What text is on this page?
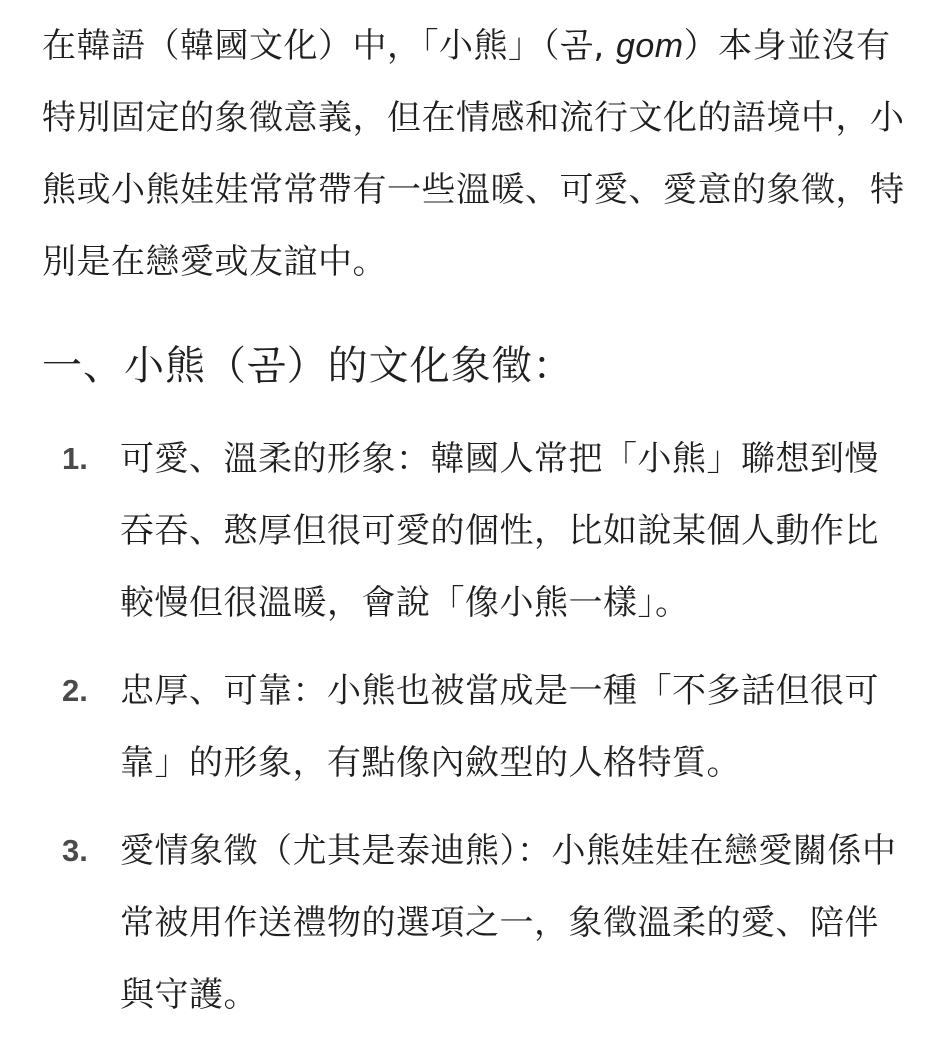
在韓語（韓國文化）中，「小熊」（곰, gom）本身並沒有特別固定的象徵意義，但在情感和流行文化的語境中，小熊或小熊娃娃常常帶有一些溫暖、可愛、愛意的象徵，特別是在戀愛或友誼中。

一、小熊（곰）的文化象徵：
1. 可愛、溫柔的形象：韓國人常把「小熊」聯想到慢吞吞、憨厚但很可愛的個性，比如說某個人動作比較慢但很溫暖，會說「像小熊一樣」。
2. 忠厚、可靠：小熊也被當成是一種「不多話但很可靠」的形象，有點像內斂型的人格特質。
3. 愛情象徵（尤其是泰迪熊）：小熊娃娃在戀愛關係中常被用作送禮物的選項之一，象徵溫柔的愛、陪伴與守護。
